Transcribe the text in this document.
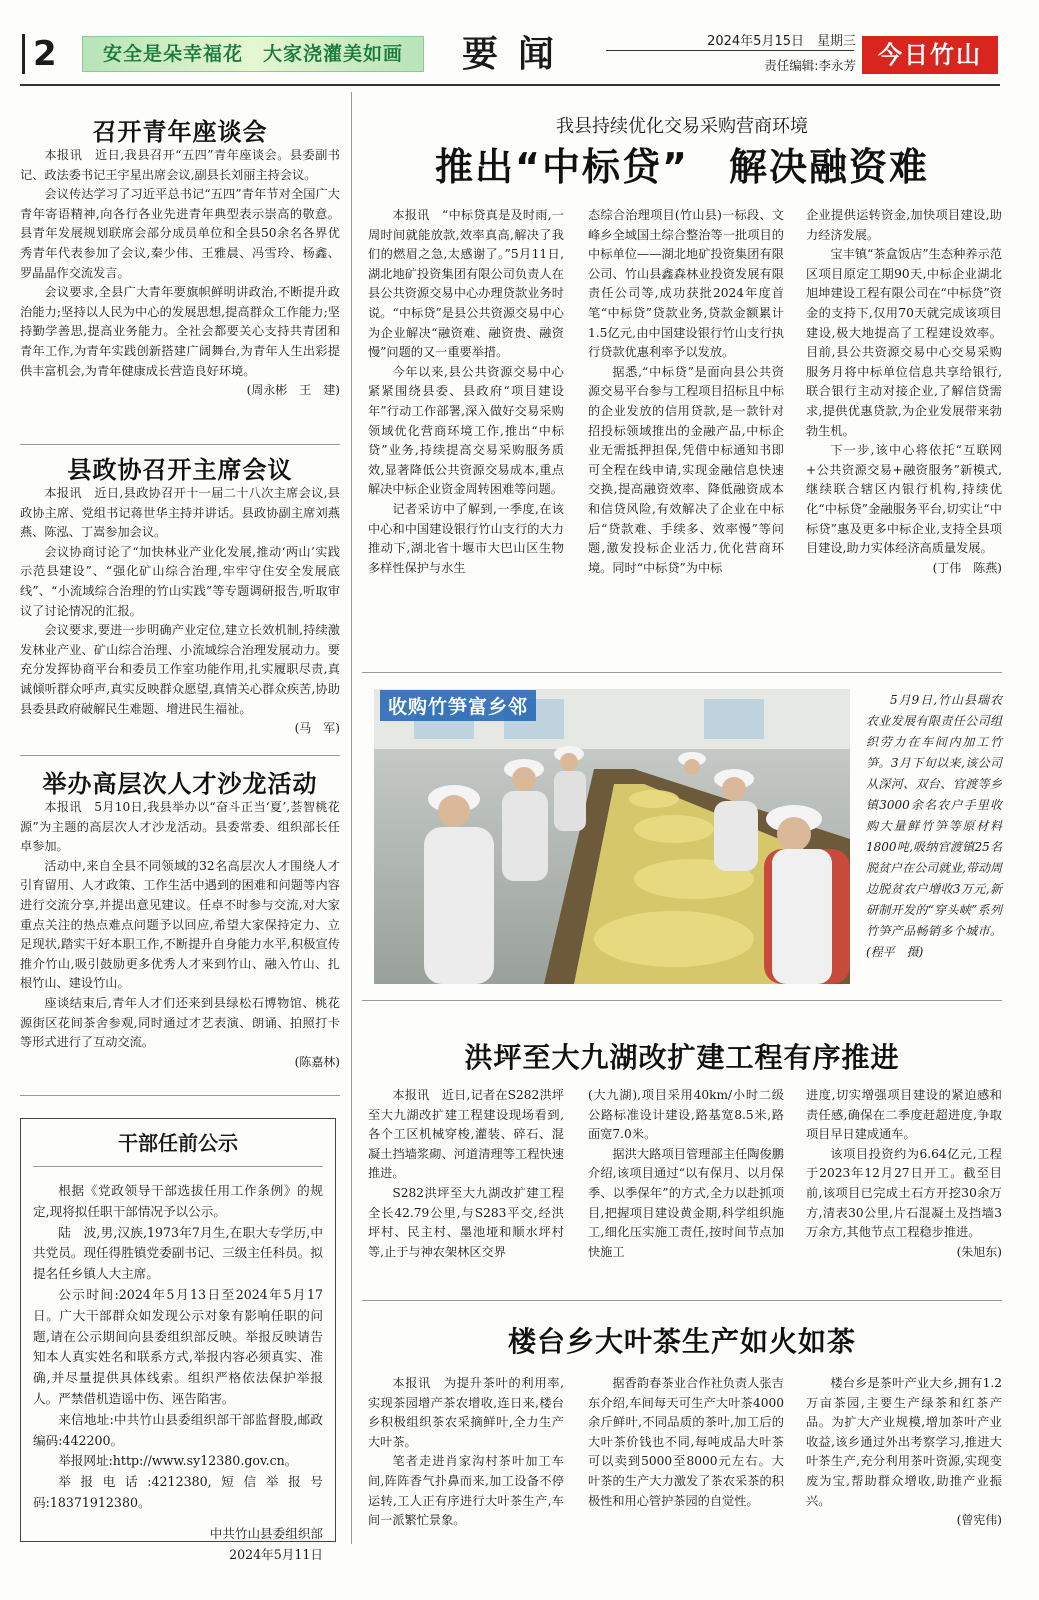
2	安全是朵幸福花　大家浇灌美如画	要闻	2024年5月15日　星期三
责任编辑:李永芳 今日竹山
召开青年座谈会

本报讯　近日,我县召开“五四”青年座谈会。县委副书记、政法委书记王宇星出席会议,副县长刘丽主持会议。

会议传达学习了习近平总书记“五四”青年节对全国广大青年寄语精神,向各行各业先进青年典型表示崇高的敬意。县青年发展规划联席会部分成员单位和全县50余名各界优秀青年代表参加了会议,秦少伟、王雅晨、冯雪玲、杨鑫、罗晶晶作交流发言。

会议要求,全县广大青年要旗帜鲜明讲政治,不断提升政治能力;坚持以人民为中心的发展思想,提高群众工作能力;坚持勤学善思,提高业务能力。全社会都要关心支持共青团和青年工作,为青年实践创新搭建广阔舞台,为青年人生出彩提供丰富机会,为青年健康成长营造良好环境。

(周永彬　王　建)
县政协召开主席会议

本报讯　近日,县政协召开十一届二十八次主席会议,县政协主席、党组书记蒋世华主持并讲话。县政协副主席刘燕燕、陈泓、丁嵩参加会议。

会议协商讨论了“加快林业产业化发展,推动‘两山’实践示范县建设”、“强化矿山综合治理,牢牢守住安全发展底线”、“小流域综合治理的竹山实践”等专题调研报告,听取审议了讨论情况的汇报。

会议要求,要进一步明确产业定位,建立长效机制,持续激发林业产业、矿山综合治理、小流域综合治理发展动力。要充分发挥协商平台和委员工作室功能作用,扎实履职尽责,真诚倾听群众呼声,真实反映群众愿望,真情关心群众疾苦,协助县委县政府破解民生难题、增进民生福祉。

(马　军)
举办高层次人才沙龙活动

本报讯　5月10日,我县举办以“奋斗正当‘夏’,荟智桃花源”为主题的高层次人才沙龙活动。县委常委、组织部长任卓参加。

活动中,来自全县不同领域的32名高层次人才围绕人才引育留用、人才政策、工作生活中遇到的困难和问题等内容进行交流分享,并提出意见建议。任卓不时参与交流,对大家重点关注的热点难点问题予以回应,希望大家保持定力、立足现状,踏实干好本职工作,不断提升自身能力水平,积极宣传推介竹山,吸引鼓励更多优秀人才来到竹山、融入竹山、扎根竹山、建设竹山。

座谈结束后,青年人才们还来到县绿松石博物馆、桃花源街区花间茶舍参观,同时通过才艺表演、朗诵、拍照打卡等形式进行了互动交流。

(陈嘉林)
干部任前公示

根据《党政领导干部选拔任用工作条例》的规定,现将拟任职干部情况予以公示。

陆　波,男,汉族,1973年7月生,在职大专学历,中共党员。现任得胜镇党委副书记、三级主任科员。拟提名任乡镇人大主席。

公示时间:2024年5月13日至2024年5月17日。广大干部群众如发现公示对象有影响任职的问题,请在公示期间向县委组织部反映。举报反映请告知本人真实姓名和联系方式,举报内容必须真实、准确,并尽量提供具体线索。组织严格依法保护举报人。严禁借机造谣中伤、诬告陷害。

来信地址:中共竹山县委组织部干部监督股,邮政编码:442200。

举报网址:http://www.sy12380.gov.cn。

举报电话:4212380,短信举报号码:18371912380。

中共竹山县委组织部
2024年5月11日
我县持续优化交易采购营商环境
推出“中标贷”　解决融资难

本报讯　“中标贷真是及时雨,一周时间就能放款,效率真高,解决了我们的燃眉之急,太感谢了。”5月11日,湖北地矿投资集团有限公司负责人在县公共资源交易中心办理贷款业务时说。“中标贷”是县公共资源交易中心为企业解决“融资难、融资贵、融资慢”问题的又一重要举措。

今年以来,县公共资源交易中心紧紧围绕县委、县政府“项目建设年”行动工作部署,深入做好交易采购领域优化营商环境工作,推出“中标贷”业务,持续提高交易采购服务质效,显著降低公共资源交易成本,重点解决中标企业资金周转困难等问题。

记者采访中了解到,一季度,在该中心和中国建设银行竹山支行的大力推动下,湖北省十堰市大巴山区生物多样性保护与水生

态综合治理项目(竹山县)一标段、文峰乡全域国土综合整治等一批项目的中标单位——湖北地矿投资集团有限公司、竹山县鑫森林业投资发展有限责任公司等,成功获批2024年度首笔“中标贷”贷款业务,贷款金额累计1.5亿元,由中国建设银行竹山支行执行贷款优惠利率予以发放。

据悉,“中标贷”是面向县公共资源交易平台参与工程项目招标且中标的企业发放的信用贷款,是一款针对招投标领域推出的金融产品,中标企业无需抵押担保,凭借中标通知书即可全程在线申请,实现金融信息快速交换,提高融资效率、降低融资成本和信贷风险,有效解决了企业在中标后“贷款难、手续多、效率慢”等问题,激发投标企业活力,优化营商环境。同时“中标贷”为中标

企业提供运转资金,加快项目建设,助力经济发展。

宝丰镇“茶盒饭店”生态种养示范区项目原定工期90天,中标企业湖北旭坤建设工程有限公司在“中标贷”资金的支持下,仅用70天就完成该项目建设,极大地提高了工程建设效率。目前,县公共资源交易中心交易采购服务月将中标单位信息共享给银行,联合银行主动对接企业,了解信贷需求,提供优惠贷款,为企业发展带来勃勃生机。

下一步,该中心将依托“互联网+公共资源交易+融资服务”新模式,继续联合辖区内银行机构,持续优化“中标贷”金融服务平台,切实让“中标贷”惠及更多中标企业,支持全县项目建设,助力实体经济高质量发展。

(丁伟　陈燕)
收购竹笋富乡邻	5月9日,竹山县瑞农农业发展有限责任公司组织劳力在车间内加工竹笋。3月下旬以来,该公司从深河、双台、官渡等乡镇3000余名农户手里收购大量鲜竹笋等原材料1800吨,吸纳官渡镇25名脱贫户在公司就业,带动周边脱贫农户增收3万元,新研制开发的“穿头峡”系列竹笋产品畅销多个城市。(程平　摄)
洪坪至大九湖改扩建工程有序推进

本报讯　近日,记者在S282洪坪至大九湖改扩建工程建设现场看到,各个工区机械穿梭,灌装、碎石、混凝土挡墙浆砌、河道清理等工程快速推进。

S282洪坪至大九湖改扩建工程全长42.79公里,与S283平交,经洪坪村、民主村、墨池垭和顺水坪村等,止于与神农架林区交界

(大九湖),项目采用40km/小时二级公路标准设计建设,路基宽8.5米,路面宽7.0米。

据洪大路项目管理部主任陶俊鹏介绍,该项目通过“以有保月、以月保季、以季保年”的方式,全力以赴抓项目,把握项目建设黄金期,科学组织施工,细化压实施工责任,按时间节点加快施工

进度,切实增强项目建设的紧迫感和责任感,确保在二季度赶超进度,争取项目早日建成通车。

该项目投资约为6.64亿元,工程于2023年12月27日开工。截至目前,该项目已完成土石方开挖30余万方,清表30公里,片石混凝土及挡墙3万余方,其他节点工程稳步推进。

(朱旭东)
楼台乡大叶茶生产如火如茶

本报讯　为提升茶叶的利用率,实现茶园增产茶农增收,连日来,楼台乡积极组织茶农采摘鲜叶,全力生产大叶茶。

笔者走进肖家沟村茶叶加工车间,阵阵香气扑鼻而来,加工设备不停运转,工人正有序进行大叶茶生产,车间一派繁忙景象。

据香韵春茶业合作社负责人张吉东介绍,车间每天可生产大叶茶4000余斤鲜叶,不同品质的茶叶,加工后的大叶茶价钱也不同,每吨成品大叶茶可以卖到5000至8000元左右。大叶茶的生产大力激发了茶农采茶的积极性和用心管护茶园的自觉性。

楼台乡是茶叶产业大乡,拥有1.2万亩茶园,主要生产绿茶和红茶产品。为扩大产业规模,增加茶叶产业收益,该乡通过外出考察学习,推进大叶茶生产,充分利用茶叶资源,实现变废为宝,帮助群众增收,助推产业振兴。

(曾宪伟)
